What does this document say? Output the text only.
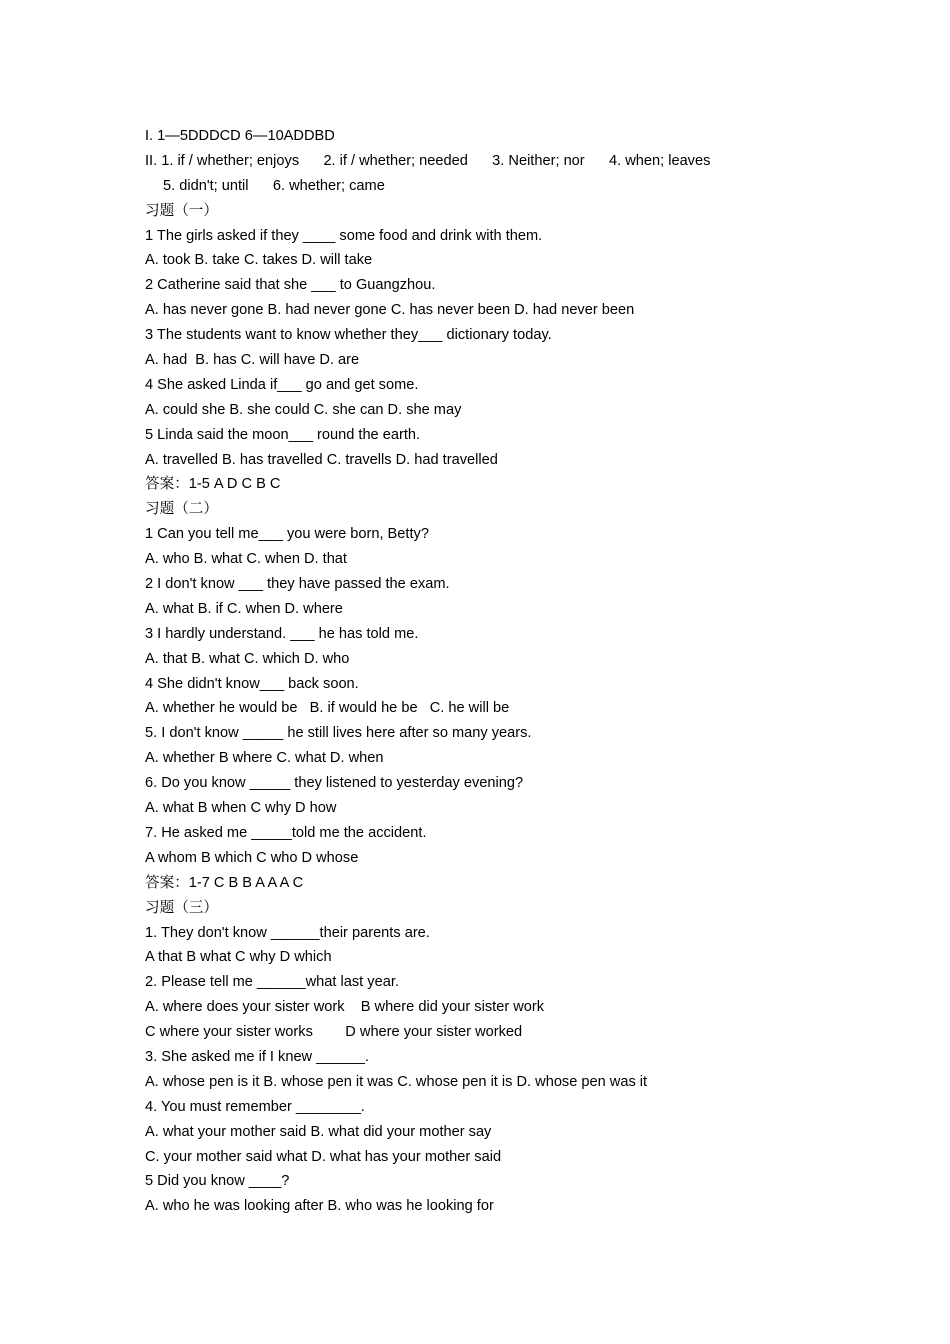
I. 1—5DDDCD 6—10ADDBD
II. 1. if / whether; enjoys      2. if / whether; needed      3. Neither; nor      4. when; leaves
5. didn't; until      6. whether; came
习题（一）
1 The girls asked if they ____ some food and drink with them.
A. took B. take C. takes D. will take
2 Catherine said that she ___ to Guangzhou.
A. has never gone B. had never gone C. has never been D. had never been
3 The students want to know whether they___ dictionary today.
A. had  B. has C. will have D. are
4 She asked Linda if___ go and get some.
A. could she B. she could C. she can D. she may
5 Linda said the moon___ round the earth.
A. travelled B. has travelled C. travells D. had travelled
答案：1-5 A D C B C
习题（二）
1 Can you tell me___ you were born, Betty?
A. who B. what C. when D. that
2 I don't know ___ they have passed the exam.
A. what B. if C. when D. where
3 I hardly understand. ___ he has told me.
A. that B. what C. which D. who
4 She didn't know___ back soon.
A. whether he would be   B. if would he be   C. he will be
5. I don't know _____ he still lives here after so many years.
A. whether B where C. what D. when
6. Do you know _____ they listened to yesterday evening?
A. what B when C why D how
7. He asked me _____told me the accident.
A whom B which C who D whose
答案：1-7 C B B A A A C
习题（三）
1. They don't know ______their parents are.
A that B what C why D which
2. Please tell me ______what last year.
A. where does your sister work    B where did your sister work
C where your sister works        D where your sister worked
3. She asked me if I knew ______.
A. whose pen is it B. whose pen it was C. whose pen it is D. whose pen was it
4. You must remember ________.
A. what your mother said B. what did your mother say
C. your mother said what D. what has your mother said
5 Did you know ____?
A. who he was looking after B. who was he looking for
